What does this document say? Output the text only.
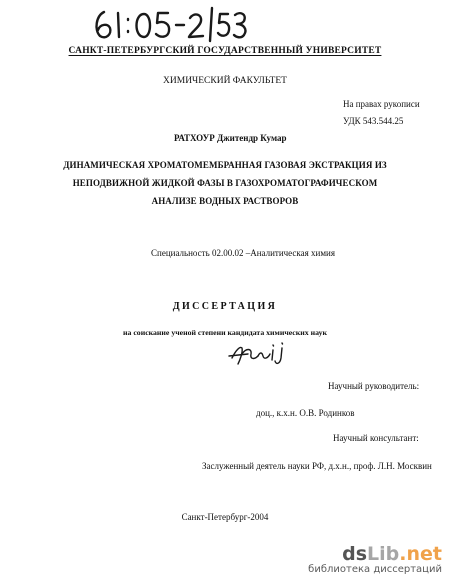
САНКТ-ПЕТЕРБУРГСКИЙ ГОСУДАРСТВЕННЫЙ УНИВЕРСИТЕТ
ХИМИЧЕСКИЙ ФАКУЛЬТЕТ
На правах рукописи
УДК 543.544.25
РАТХОУР Джитендр Кумар
ДИНАМИЧЕСКАЯ ХРОМАТОМЕМБРАННАЯ ГАЗОВАЯ ЭКСТРАКЦИЯ ИЗ
НЕПОДВИЖНОЙ ЖИДКОЙ ФАЗЫ В ГАЗОХРОМАТОГРАФИЧЕСКОМ
АНАЛИЗЕ ВОДНЫХ РАСТВОРОВ
Специальность 02.00.02 –Аналитическая химия
ДИССЕРТАЦИЯ
на соискание ученой степени кандидата химических наук
Научный руководитель:
доц., к.х.н. О.В. Родинков
Научный консультант:
Заслуженный деятель науки РФ, д.х.н., проф. Л.Н. Москвин
Санкт-Петербург-2004
dsLib.net
библиотека диссертаций
